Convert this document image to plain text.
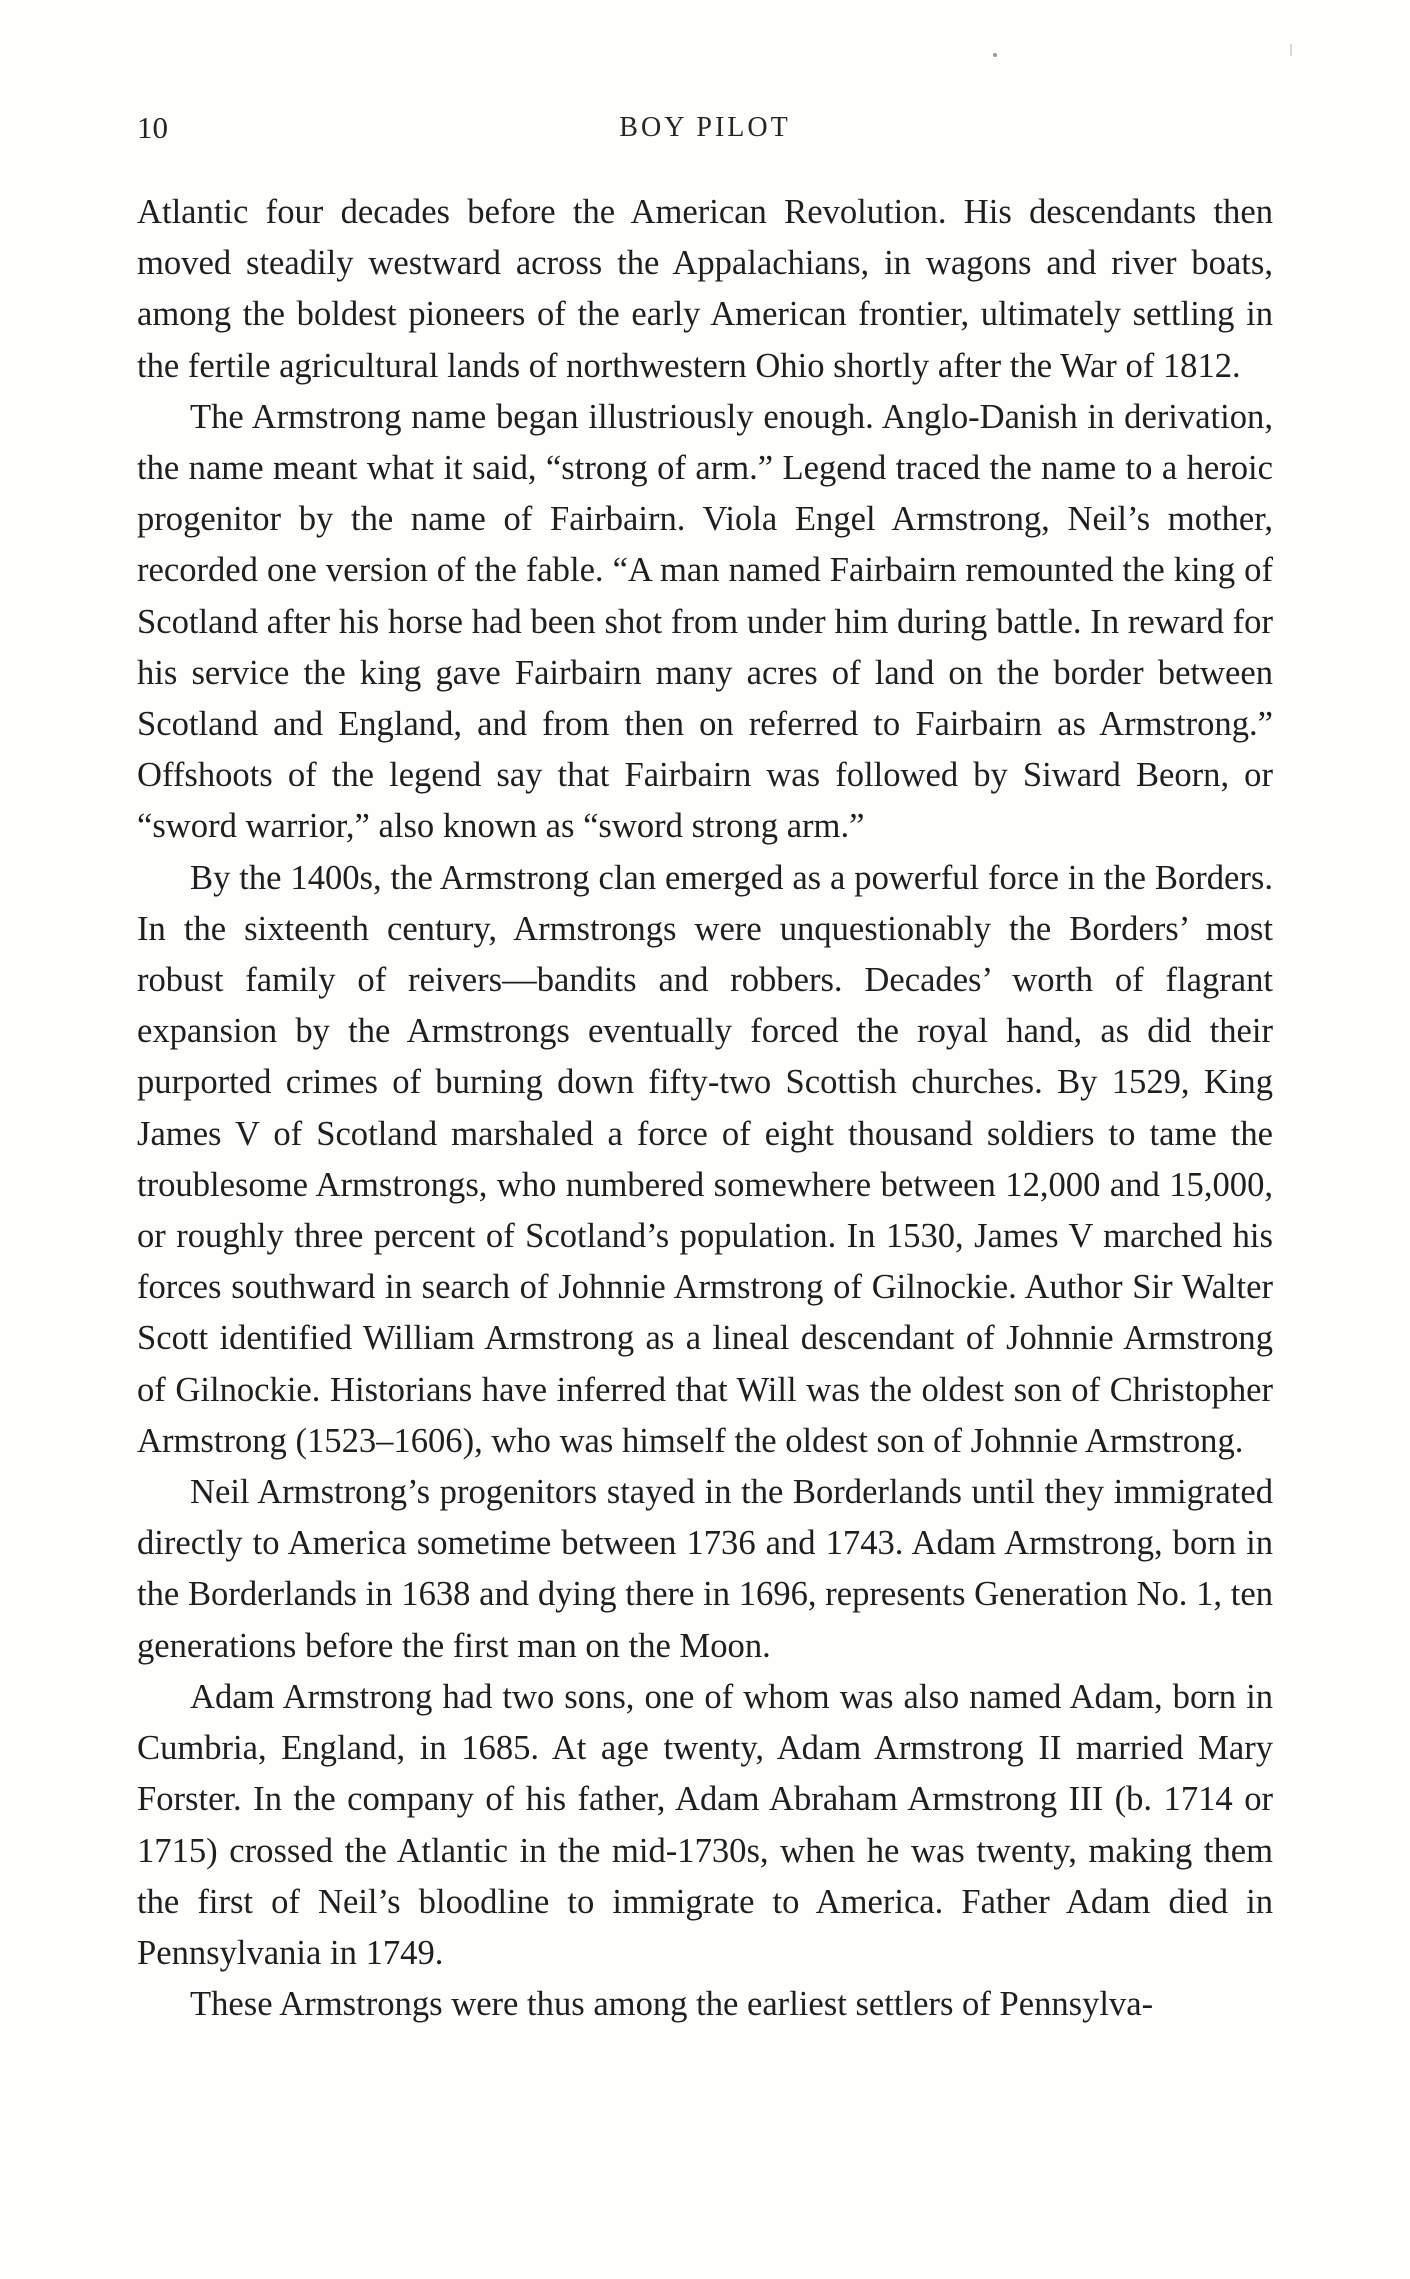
10	BOY PILOT

Atlantic four decades before the American Revolution. His descendants then moved steadily westward across the Appalachians, in wagons and river boats, among the boldest pioneers of the early American frontier, ultimately settling in the fertile agricultural lands of northwestern Ohio shortly after the War of 1812.

The Armstrong name began illustriously enough. Anglo-Danish in derivation, the name meant what it said, “strong of arm.” Legend traced the name to a heroic progenitor by the name of Fairbairn. Viola Engel Armstrong, Neil’s mother, recorded one version of the fable. “A man named Fairbairn remounted the king of Scotland after his horse had been shot from under him during battle. In reward for his service the king gave Fairbairn many acres of land on the border between Scotland and England, and from then on referred to Fairbairn as Armstrong.” Offshoots of the legend say that Fairbairn was followed by Siward Beorn, or “sword warrior,” also known as “sword strong arm.”

By the 1400s, the Armstrong clan emerged as a powerful force in the Borders. In the sixteenth century, Armstrongs were unquestionably the Borders’ most robust family of reivers—bandits and robbers. Decades’ worth of flagrant expansion by the Armstrongs eventually forced the royal hand, as did their purported crimes of burning down fifty-two Scottish churches. By 1529, King James V of Scotland marshaled a force of eight thousand soldiers to tame the troublesome Armstrongs, who numbered somewhere between 12,000 and 15,000, or roughly three percent of Scotland’s population. In 1530, James V marched his forces southward in search of Johnnie Armstrong of Gilnockie. Author Sir Walter Scott identified William Armstrong as a lineal descendant of Johnnie Armstrong of Gilnockie. Historians have inferred that Will was the oldest son of Christopher Armstrong (1523–1606), who was himself the oldest son of Johnnie Armstrong.

Neil Armstrong’s progenitors stayed in the Borderlands until they immigrated directly to America sometime between 1736 and 1743. Adam Armstrong, born in the Borderlands in 1638 and dying there in 1696, represents Generation No. 1, ten generations before the first man on the Moon.

Adam Armstrong had two sons, one of whom was also named Adam, born in Cumbria, England, in 1685. At age twenty, Adam Armstrong II married Mary Forster. In the company of his father, Adam Abraham Armstrong III (b. 1714 or 1715) crossed the Atlantic in the mid-1730s, when he was twenty, making them the first of Neil’s bloodline to immigrate to America. Father Adam died in Pennsylvania in 1749.

These Armstrongs were thus among the earliest settlers of Pennsylva-
